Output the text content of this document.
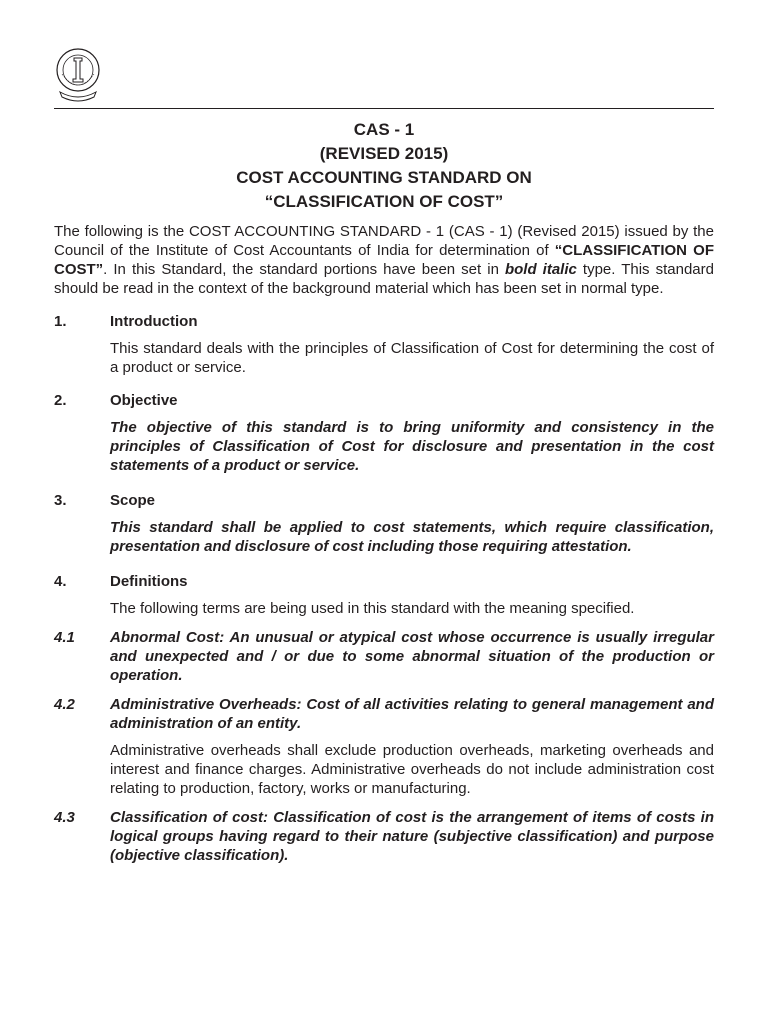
CAS - 1
(REVISED 2015)
COST ACCOUNTING STANDARD ON
“CLASSIFICATION OF COST”

The following is the COST ACCOUNTING STANDARD - 1 (CAS - 1) (Revised 2015) issued by the Council of the Institute of Cost Accountants of India for determination of “CLASSIFICATION OF COST”. In this Standard, the standard portions have been set in bold italic type. This standard should be read in the context of the background material which has been set in normal type.

1.	Introduction

This standard deals with the principles of Classification of Cost for determining the cost of a product or service.

2.	Objective

The objective of this standard is to bring uniformity and consistency in the principles of Classification of Cost for disclosure and presentation in the cost statements of a product or service.

3.	Scope

This standard shall be applied to cost statements, which require classification, presentation and disclosure of cost including those requiring attestation.

4.	Definitions

The following terms are being used in this standard with the meaning specified.

4.1	Abnormal Cost: An unusual or atypical cost whose occurrence is usually irregular and unexpected and / or due to some abnormal situation of the production or operation.

4.2	Administrative Overheads: Cost of all activities relating to general management and administration of an entity.

Administrative overheads shall exclude production overheads, marketing overheads and interest and finance charges. Administrative overheads do not include administration cost relating to production, factory, works or manufacturing.

4.3	Classification of cost: Classification of cost is the arrangement of items of costs in logical groups having regard to their nature (subjective classification) and purpose (objective classification).
